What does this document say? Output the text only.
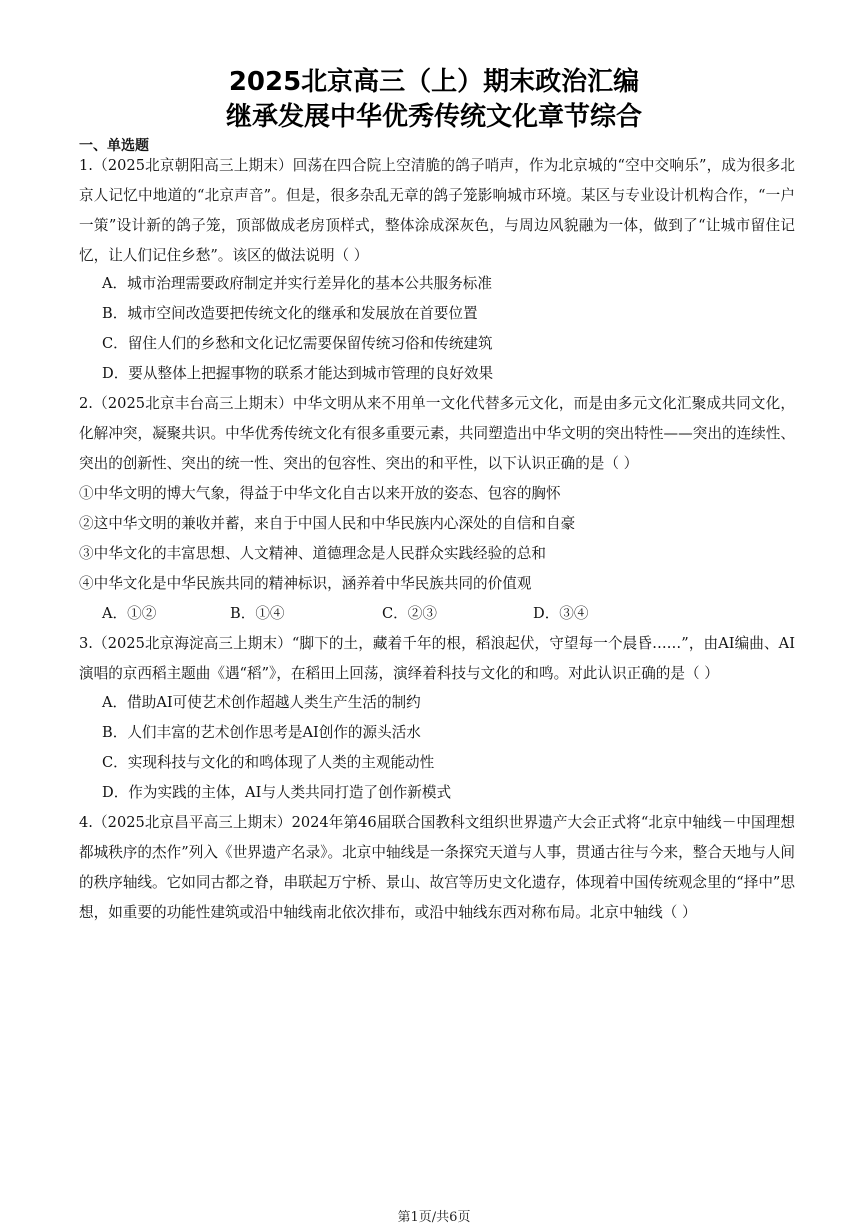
2025北京高三（上）期末政治汇编
继承发展中华优秀传统文化章节综合
一、单选题

1.（2025北京朝阳高三上期末）回荡在四合院上空清脆的鸽子哨声，作为北京城的“空中交响乐”，成为很多北京人记忆中地道的“北京声音”。但是，很多杂乱无章的鸽子笼影响城市环境。某区与专业设计机构合作，“一户一策”设计新的鸽子笼，顶部做成老房顶样式，整体涂成深灰色，与周边风貌融为一体，做到了“让城市留住记忆，让人们记住乡愁”。该区的做法说明（ ）

A．城市治理需要政府制定并实行差异化的基本公共服务标准
B．城市空间改造要把传统文化的继承和发展放在首要位置
C．留住人们的乡愁和文化记忆需要保留传统习俗和传统建筑
D．要从整体上把握事物的联系才能达到城市管理的良好效果

2.（2025北京丰台高三上期末）中华文明从来不用单一文化代替多元文化，而是由多元文化汇聚成共同文化，化解冲突，凝聚共识。中华优秀传统文化有很多重要元素，共同塑造出中华文明的突出特性——突出的连续性、突出的创新性、突出的统一性、突出的包容性、突出的和平性，以下认识正确的是（ ）

①中华文明的博大气象，得益于中华文化自古以来开放的姿态、包容的胸怀
②这中华文明的兼收并蓄，来自于中国人民和中华民族内心深处的自信和自豪
③中华文化的丰富思想、人文精神、道德理念是人民群众实践经验的总和
④中华文化是中华民族共同的精神标识，涵养着中华民族共同的价值观
A．①②	B．①④	C．②③	D．③④

3.（2025北京海淀高三上期末）“脚下的土，藏着千年的根，稻浪起伏，守望每一个晨昏……”，由AI编曲、AI演唱的京西稻主题曲《遇“稻”》，在稻田上回荡，演绎着科技与文化的和鸣。对此认识正确的是（ ）

A．借助AI可使艺术创作超越人类生产生活的制约
B．人们丰富的艺术创作思考是AI创作的源头活水
C．实现科技与文化的和鸣体现了人类的主观能动性
D．作为实践的主体，AI与人类共同打造了创作新模式

4.（2025北京昌平高三上期末）2024年第46届联合国教科文组织世界遗产大会正式将“北京中轴线－中国理想都城秩序的杰作”列入《世界遗产名录》。北京中轴线是一条探究天道与人事，贯通古往与今来，整合天地与人间的秩序轴线。它如同古都之脊，串联起万宁桥、景山、故宫等历史文化遗存，体现着中国传统观念里的“择中”思想，如重要的功能性建筑或沿中轴线南北依次排布，或沿中轴线东西对称布局。北京中轴线（ ）

第1页/共6页
